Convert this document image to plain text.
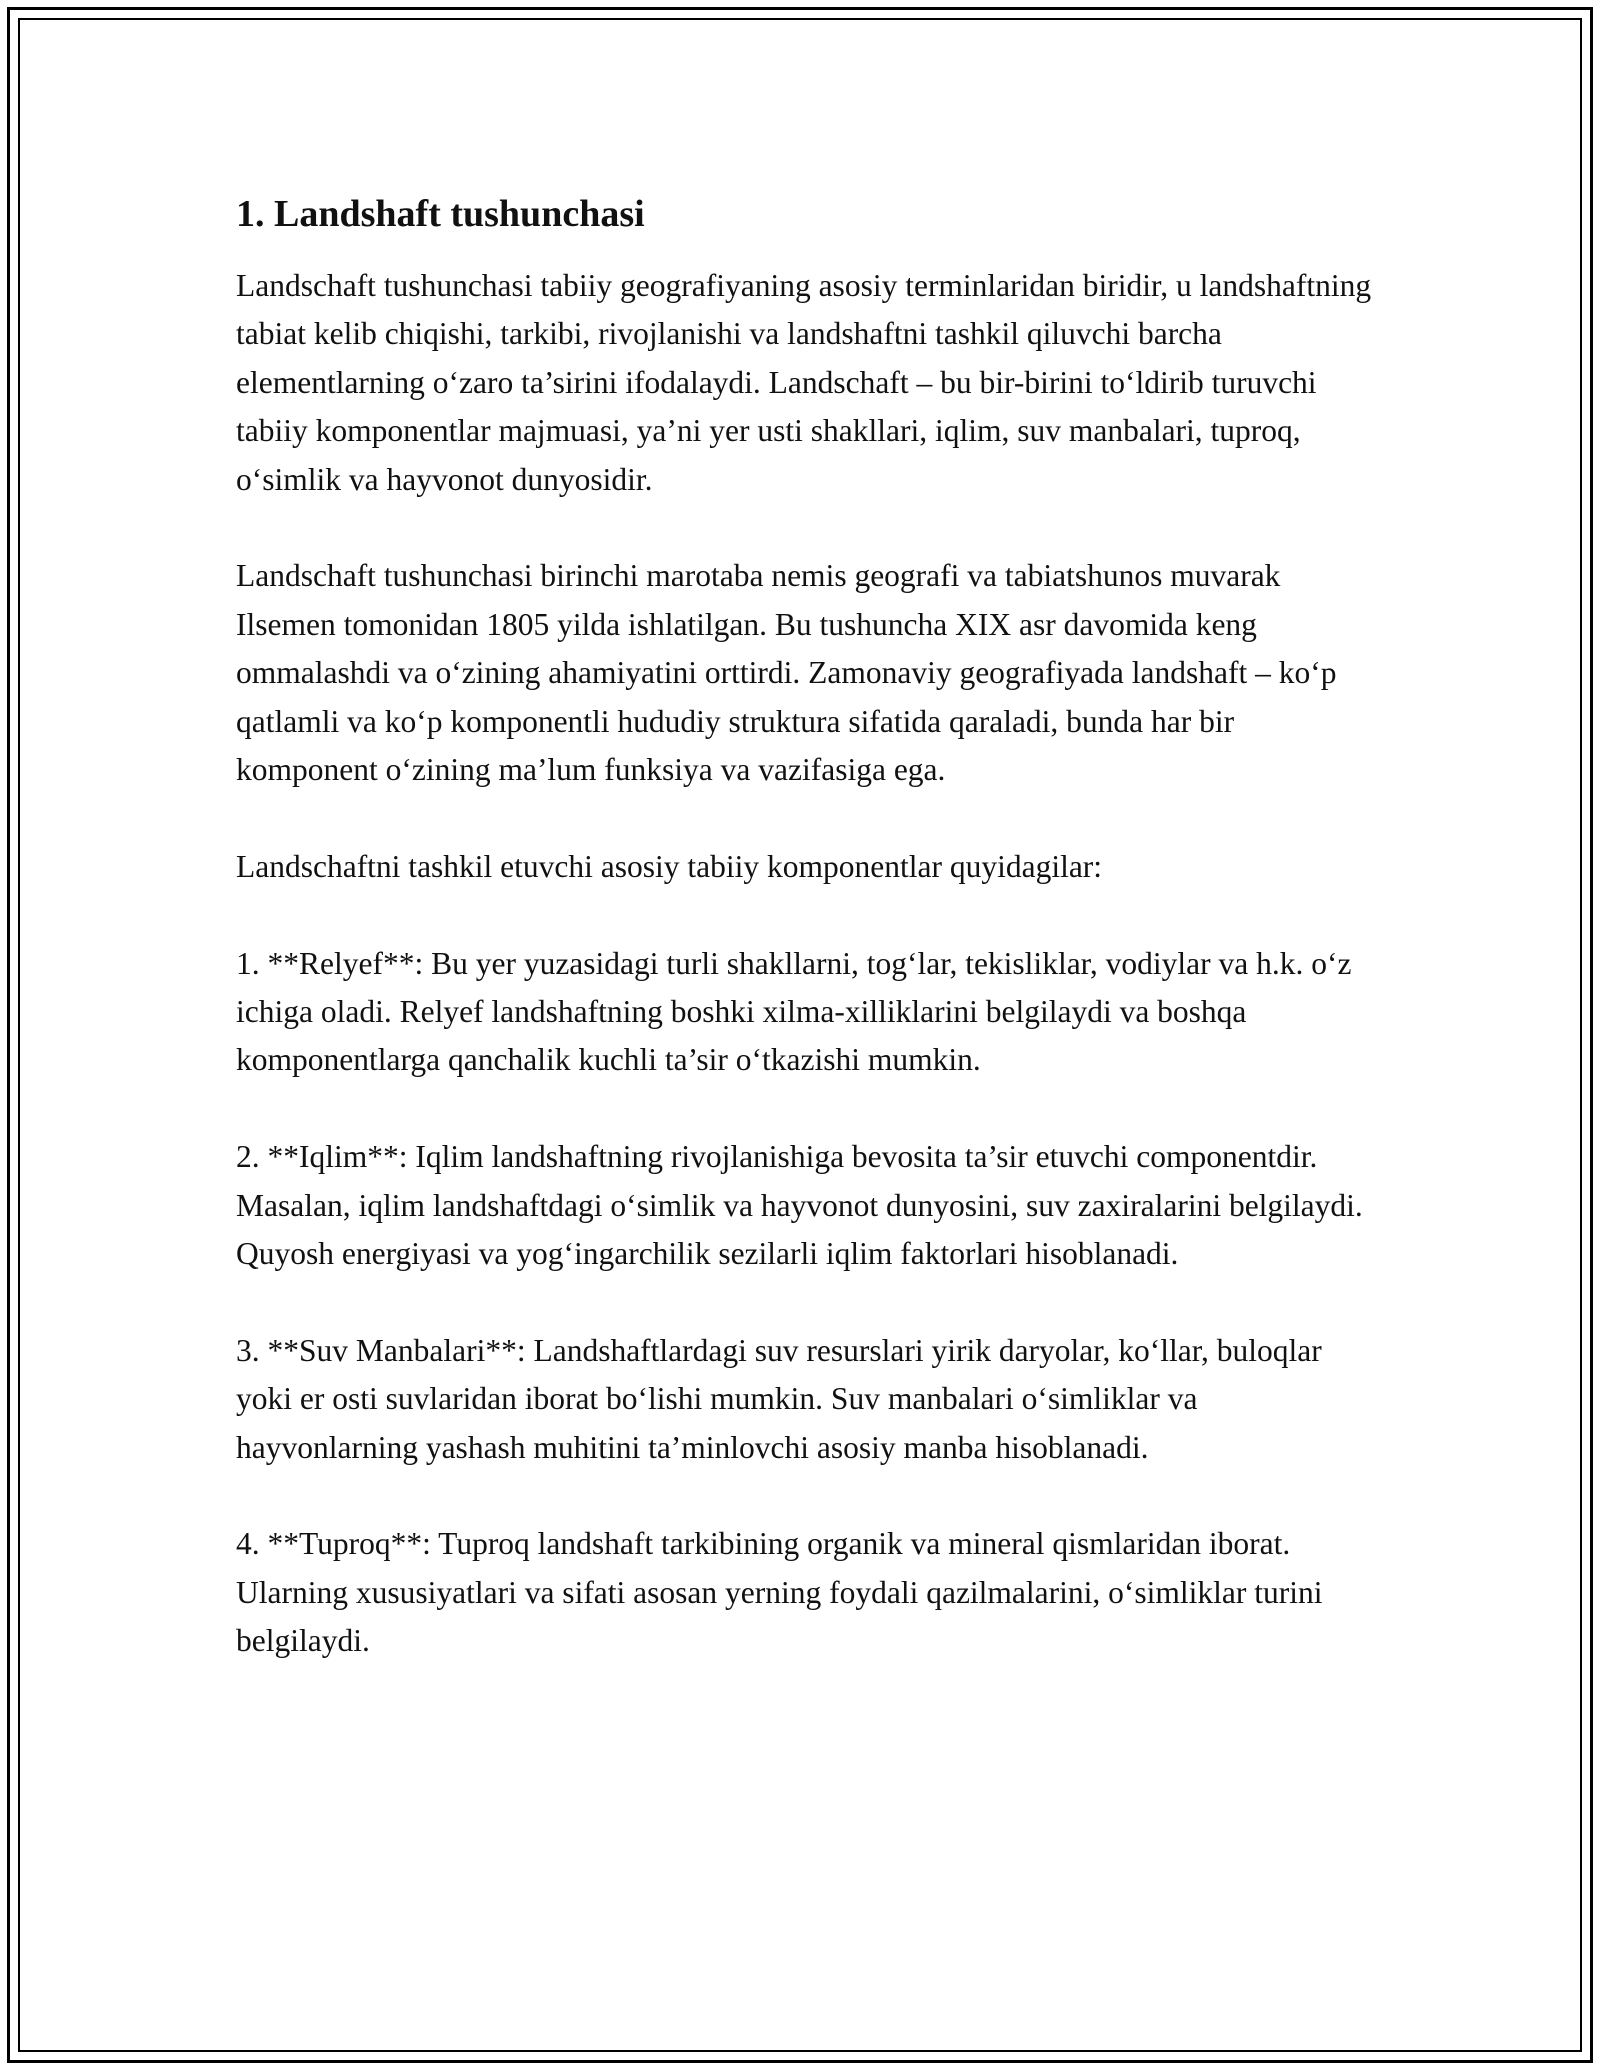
1. Landshaft tushunchasi

Landschaft tushunchasi tabiiy geografiyaning asosiy terminlaridan biridir, u landshaftning tabiat kelib chiqishi, tarkibi, rivojlanishi va landshaftni tashkil qiluvchi barcha elementlarning o‘zaro ta’sirini ifodalaydi. Landschaft – bu bir-birini to‘ldirib turuvchi tabiiy komponentlar majmuasi, ya’ni yer usti shakllari, iqlim, suv manbalari, tuproq, o‘simlik va hayvonot dunyosidir.

Landschaft tushunchasi birinchi marotaba nemis geografi va tabiatshunos muvarak Ilsemen tomonidan 1805 yilda ishlatilgan. Bu tushuncha XIX asr davomida keng ommalashdi va o‘zining ahamiyatini orttirdi. Zamonaviy geografiyada landshaft – ko‘p qatlamli va ko‘p komponentli hududiy struktura sifatida qaraladi, bunda har bir komponent o‘zining ma’lum funksiya va vazifasiga ega.

Landschaftni tashkil etuvchi asosiy tabiiy komponentlar quyidagilar:

1. **Relyef**: Bu yer yuzasidagi turli shakllarni, tog‘lar, tekisliklar, vodiylar va h.k. o‘z ichiga oladi. Relyef landshaftning boshki xilma-xilliklarini belgilaydi va boshqa komponentlarga qanchalik kuchli ta’sir o‘tkazishi mumkin.

2. **Iqlim**: Iqlim landshaftning rivojlanishiga bevosita ta’sir etuvchi componentdir. Masalan, iqlim landshaftdagi o‘simlik va hayvonot dunyosini, suv zaxiralarini belgilaydi. Quyosh energiyasi va yog‘ingarchilik sezilarli iqlim faktorlari hisoblanadi.

3. **Suv Manbalari**: Landshaftlardagi suv resurslari yirik daryolar, ko‘llar, buloqlar yoki er osti suvlaridan iborat bo‘lishi mumkin. Suv manbalari o‘simliklar va hayvonlarning yashash muhitini ta’minlovchi asosiy manba hisoblanadi.

4. **Tuproq**: Tuproq landshaft tarkibining organik va mineral qismlaridan iborat. Ularning xususiyatlari va sifati asosan yerning foydali qazilmalarini, o‘simliklar turini belgilaydi.
